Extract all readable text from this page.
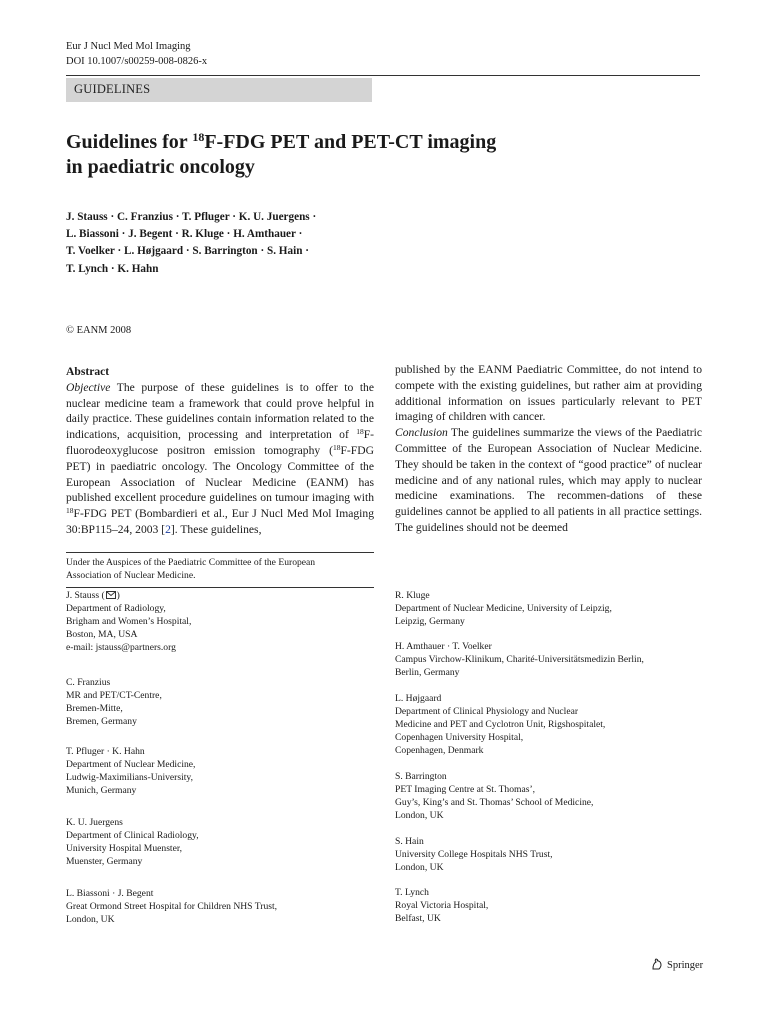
Eur J Nucl Med Mol Imaging
DOI 10.1007/s00259-008-0826-x
GUIDELINES
Guidelines for $^{18}$F-FDG PET and PET-CT imaging
in paediatric oncology
J. Stauss · C. Franzius · T. Pfluger · K. U. Juergens ·
L. Biassoni · J. Begent · R. Kluge · H. Amthauer ·
T. Voelker · L. Højgaard · S. Barrington · S. Hain ·
T. Lynch · K. Hahn
© EANM 2008
Abstract
Objective The purpose of these guidelines is to offer to the nuclear medicine team a framework that could prove helpful in daily practice. These guidelines contain information related to the indications, acquisition, processing and interpretation of $^{18}$F-fluorodeoxyglucose positron emission tomography ($^{18}$F-FDG PET) in paediatric oncology. The Oncology Committee of the European Association of Nuclear Medicine (EANM) has published excellent procedure guidelines on tumour imaging with $^{18}$F-FDG PET (Bombardieri et al., Eur J Nucl Med Mol Imaging 30:BP115–24, 2003 [2]. These guidelines,
published by the EANM Paediatric Committee, do not intend to compete with the existing guidelines, but rather aim at providing additional information on issues particularly relevant to PET imaging of children with cancer.
Conclusion The guidelines summarize the views of the Paediatric Committee of the European Association of Nuclear Medicine. They should be taken in the context of “good practice” of nuclear medicine and of any national rules, which may apply to nuclear medicine examinations. The recommen-dations of these guidelines cannot be applied to all patients in all practice settings. The guidelines should not be deemed
Under the Auspices of the Paediatric Committee of the European
Association of Nuclear Medicine.
J. Stauss ( )
Department of Radiology,
Brigham and Women’s Hospital,
Boston, MA, USA
e-mail: jstauss@partners.org
C. Franzius
MR and PET/CT-Centre,
Bremen-Mitte,
Bremen, Germany
T. Pfluger · K. Hahn
Department of Nuclear Medicine,
Ludwig-Maximilians-University,
Munich, Germany
K. U. Juergens
Department of Clinical Radiology,
University Hospital Muenster,
Muenster, Germany
L. Biassoni · J. Begent
Great Ormond Street Hospital for Children NHS Trust,
London, UK
R. Kluge
Department of Nuclear Medicine, University of Leipzig,
Leipzig, Germany
H. Amthauer · T. Voelker
Campus Virchow-Klinikum, Charité-Universitätsmedizin Berlin,
Berlin, Germany
L. Højgaard
Department of Clinical Physiology and Nuclear
Medicine and PET and Cyclotron Unit, Rigshospitalet,
Copenhagen University Hospital,
Copenhagen, Denmark
S. Barrington
PET Imaging Centre at St. Thomas’,
Guy’s, King’s and St. Thomas’ School of Medicine,
London, UK
S. Hain
University College Hospitals NHS Trust,
London, UK
T. Lynch
Royal Victoria Hospital,
Belfast, UK
Springer
